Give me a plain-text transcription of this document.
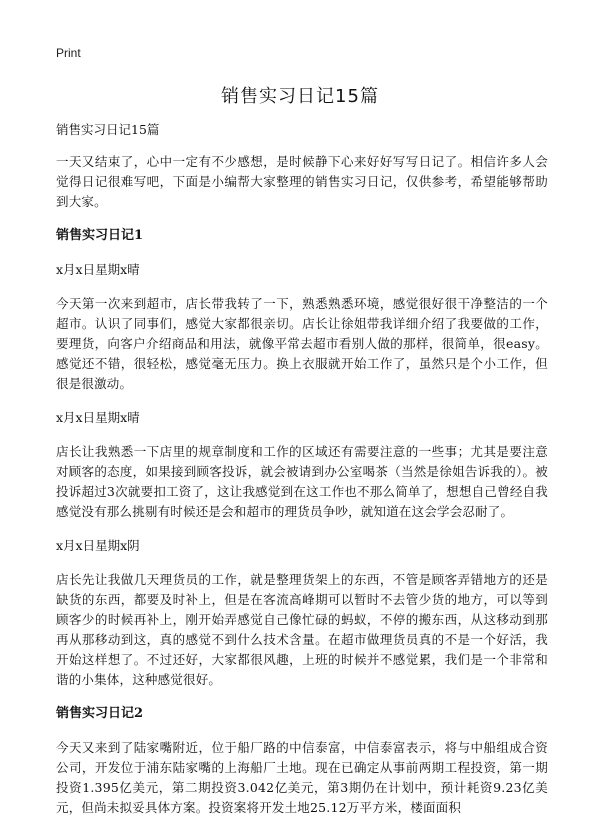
Print
销售实习日记15篇

销售实习日记15篇

一天又结束了，心中一定有不少感想，是时候静下心来好好写写日记了。相信许多人会觉得日记很难写吧，下面是小编帮大家整理的销售实习日记，仅供参考，希望能够帮助到大家。

销售实习日记1

x月x日星期x晴

今天第一次来到超市，店长带我转了一下，熟悉熟悉环境，感觉很好很干净整洁的一个超市。认识了同事们，感觉大家都很亲切。店长让徐姐带我详细介绍了我要做的工作，要理货，向客户介绍商品和用法，就像平常去超市看别人做的那样，很简单，很easy。感觉还不错，很轻松，感觉毫无压力。换上衣服就开始工作了，虽然只是个小工作，但很是很激动。

x月x日星期x晴

店长让我熟悉一下店里的规章制度和工作的区域还有需要注意的一些事；尤其是要注意对顾客的态度，如果接到顾客投诉，就会被请到办公室喝茶（当然是徐姐告诉我的）。被投诉超过3次就要扣工资了，这让我感觉到在这工作也不那么简单了，想想自己曾经自我感觉没有那么挑剔有时候还是会和超市的理货员争吵，就知道在这会学会忍耐了。

x月x日星期x阴

店长先让我做几天理货员的工作，就是整理货架上的东西，不管是顾客弄错地方的还是缺货的东西，都要及时补上，但是在客流高峰期可以暂时不去管少货的地方，可以等到顾客少的时候再补上，刚开始弄感觉自己像忙碌的蚂蚁，不停的搬东西，从这移动到那再从那移动到这，真的感觉不到什么技术含量。在超市做理货员真的不是一个好活，我开始这样想了。不过还好，大家都很风趣，上班的时候并不感觉累，我们是一个非常和谐的小集体，这种感觉很好。

销售实习日记2

今天又来到了陆家嘴附近，位于船厂路的中信泰富，中信泰富表示，将与中船组成合资公司，开发位于浦东陆家嘴的上海船厂土地。现在已确定从事前两期工程投资，第一期投资1.395亿美元，第二期投资3.042亿美元，第3期仍在计划中，预计耗资9.23亿美元，但尚未拟妥具体方案。投资案将开发土地25.12万平方米，楼面面积
